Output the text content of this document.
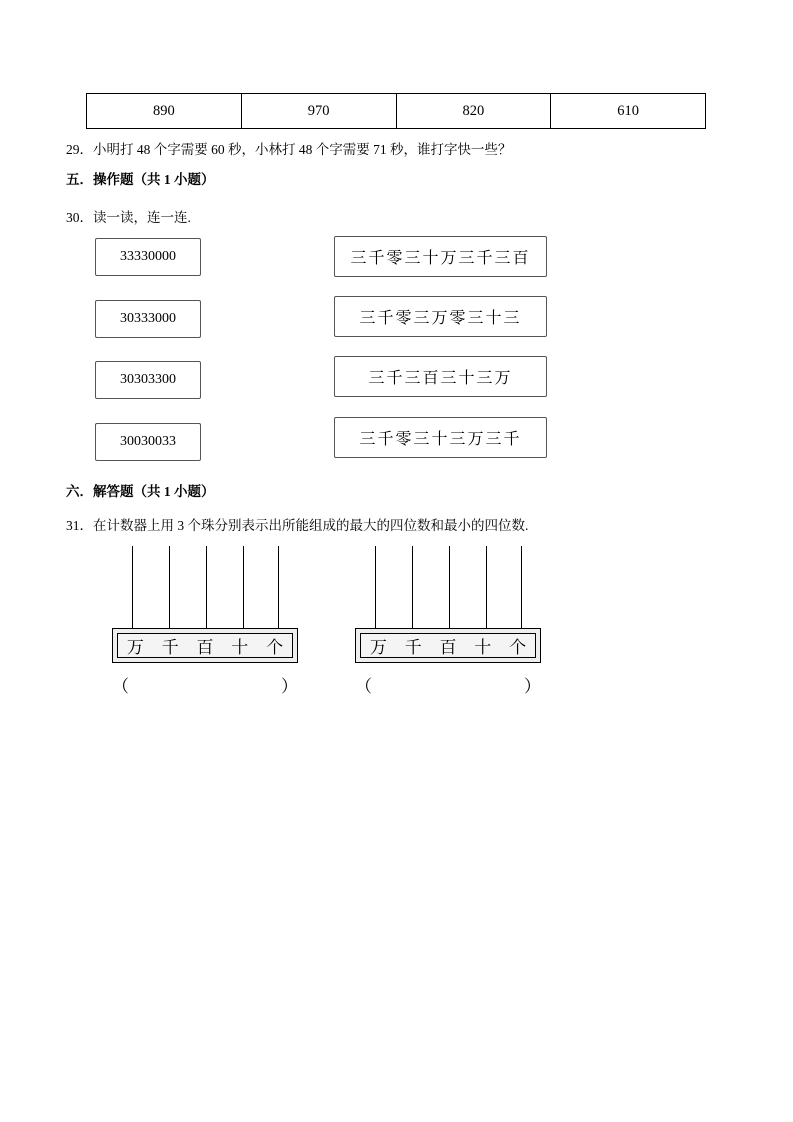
890	970	820	610
29．小明打 48 个字需要 60 秒，小林打 48 个字需要 71 秒，谁打字快一些？
五．操作题（共 1 小题）
30．读一读，连一连.
33330000
30333000
30303300
30030033
三千零三十万三千三百
三千零三万零三十三
三千三百三十三万
三千零三十三万三千
六．解答题（共 1 小题）
31．在计数器上用 3 个珠分别表示出所能组成的最大的四位数和最小的四位数.
万 千 百 十 个
（	）
万 千 百 十 个
（	）
